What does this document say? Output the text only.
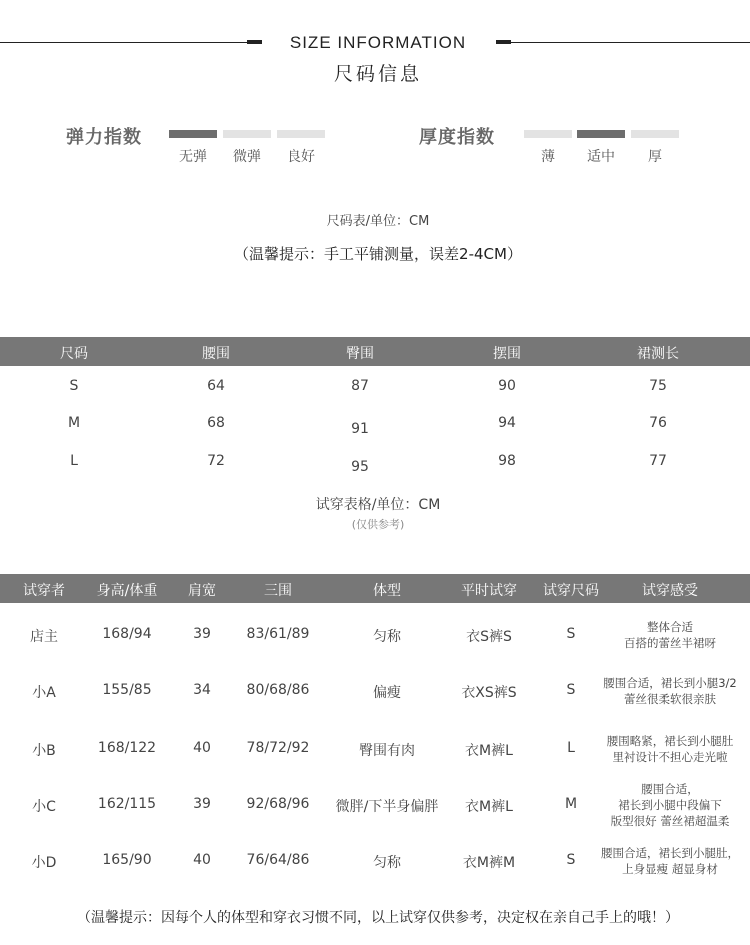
SIZE INFORMATION
尺码信息
弹力指数
无弹	微弹	良好
厚度指数
薄	适中	厚
尺码表/单位：CM
（温馨提示：手工平铺测量，误差2-4CM）
尺码	腰围	臀围	摆围	裙测长
S	64	87	90	75
M	68	91	94	76
L	72	95	98	77
试穿表格/单位：CM
(仅供参考)
试穿者	身高/体重	肩宽	三围	体型	平时试穿	试穿尺码	试穿感受
店主	168/94	39	83/61/89	匀称	衣S裤S	S	整体合适
百搭的蕾丝半裙呀
小A	155/85	34	80/68/86	偏瘦	衣XS裤S	S	腰围合适，裙长到小腿3/2
蕾丝很柔软很亲肤
小B	168/122	40	78/72/92	臀围有肉	衣M裤L	L	腰围略紧，裙长到小腿肚
里衬设计不担心走光啦
小C	162/115	39	92/68/96	微胖/下半身偏胖	衣M裤L	M
腰围合适，
裙长到小腿中段偏下
版型很好 蕾丝裙超温柔
小D	165/90	40	76/64/86	匀称	衣M裤M	S	腰围合适，裙长到小腿肚，
上身显瘦 超显身材
（温馨提示：因每个人的体型和穿衣习惯不同，以上试穿仅供参考，决定权在亲自己手上的哦！）
